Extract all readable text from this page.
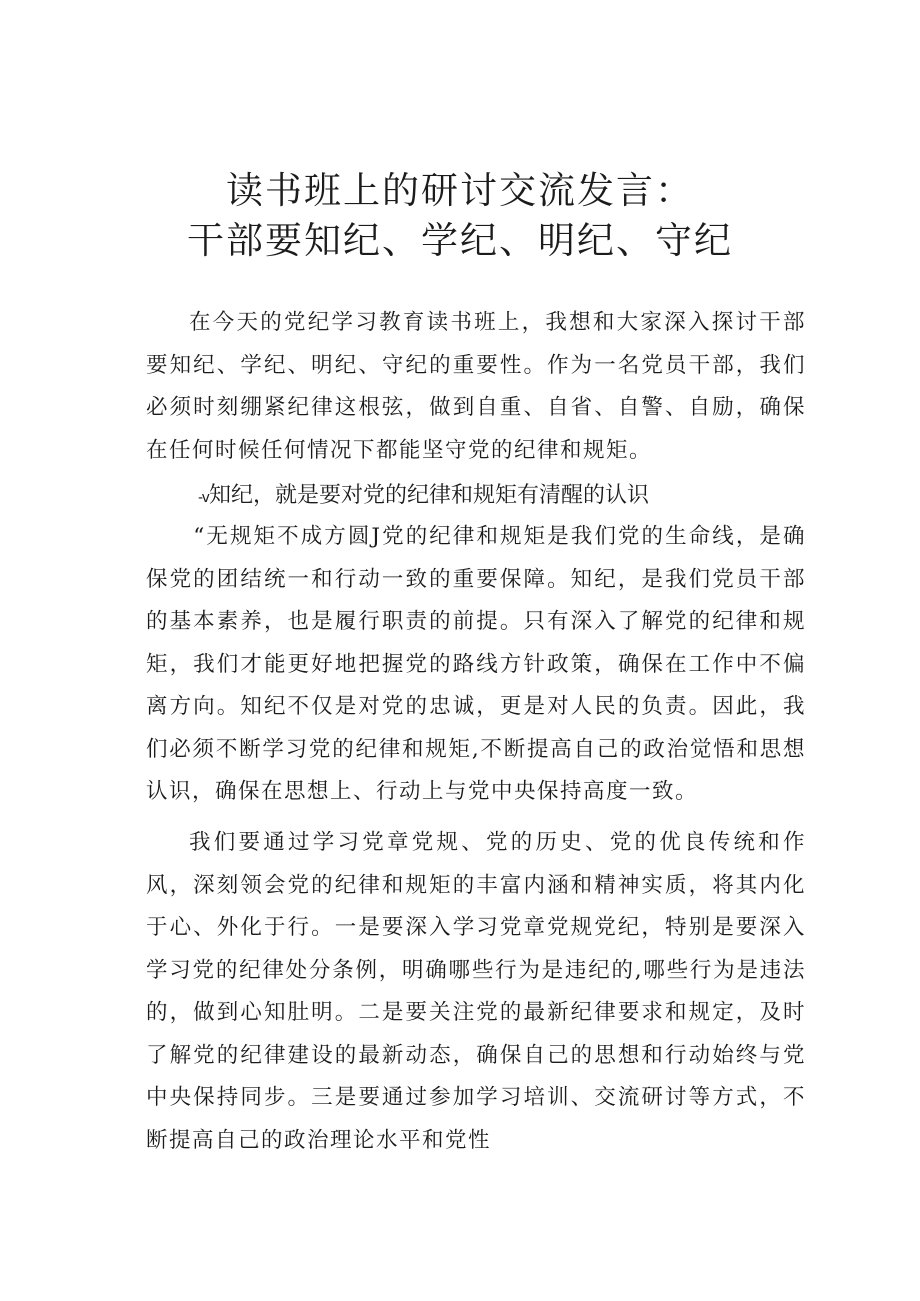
读书班上的研讨交流发言：
干部要知纪、学纪、明纪、守纪

在今天的党纪学习教育读书班上，我想和大家深入探讨干部要知纪、学纪、明纪、守纪的重要性。作为一名党员干部，我们必须时刻绷紧纪律这根弦，做到自重、自省、自警、自励，确保在任何时候任何情况下都能坚守党的纪律和规矩。

-v知纪，就是要对党的纪律和规矩有清醒的认识

“无规矩不成方圆J党的纪律和规矩是我们党的生命线，是确保党的团结统一和行动一致的重要保障。知纪，是我们党员干部的基本素养，也是履行职责的前提。只有深入了解党的纪律和规矩，我们才能更好地把握党的路线方针政策，确保在工作中不偏离方向。知纪不仅是对党的忠诚，更是对人民的负责。因此，我们必须不断学习党的纪律和规矩,不断提高自己的政治觉悟和思想认识，确保在思想上、行动上与党中央保持高度一致。

我们要通过学习党章党规、党的历史、党的优良传统和作风，深刻领会党的纪律和规矩的丰富内涵和精神实质，将其内化于心、外化于行。一是要深入学习党章党规党纪，特别是要深入学习党的纪律处分条例，明确哪些行为是违纪的,哪些行为是违法的，做到心知肚明。二是要关注党的最新纪律要求和规定，及时了解党的纪律建设的最新动态，确保自己的思想和行动始终与党中央保持同步。三是要通过参加学习培训、交流研讨等方式，不断提高自己的政治理论水平和党性
